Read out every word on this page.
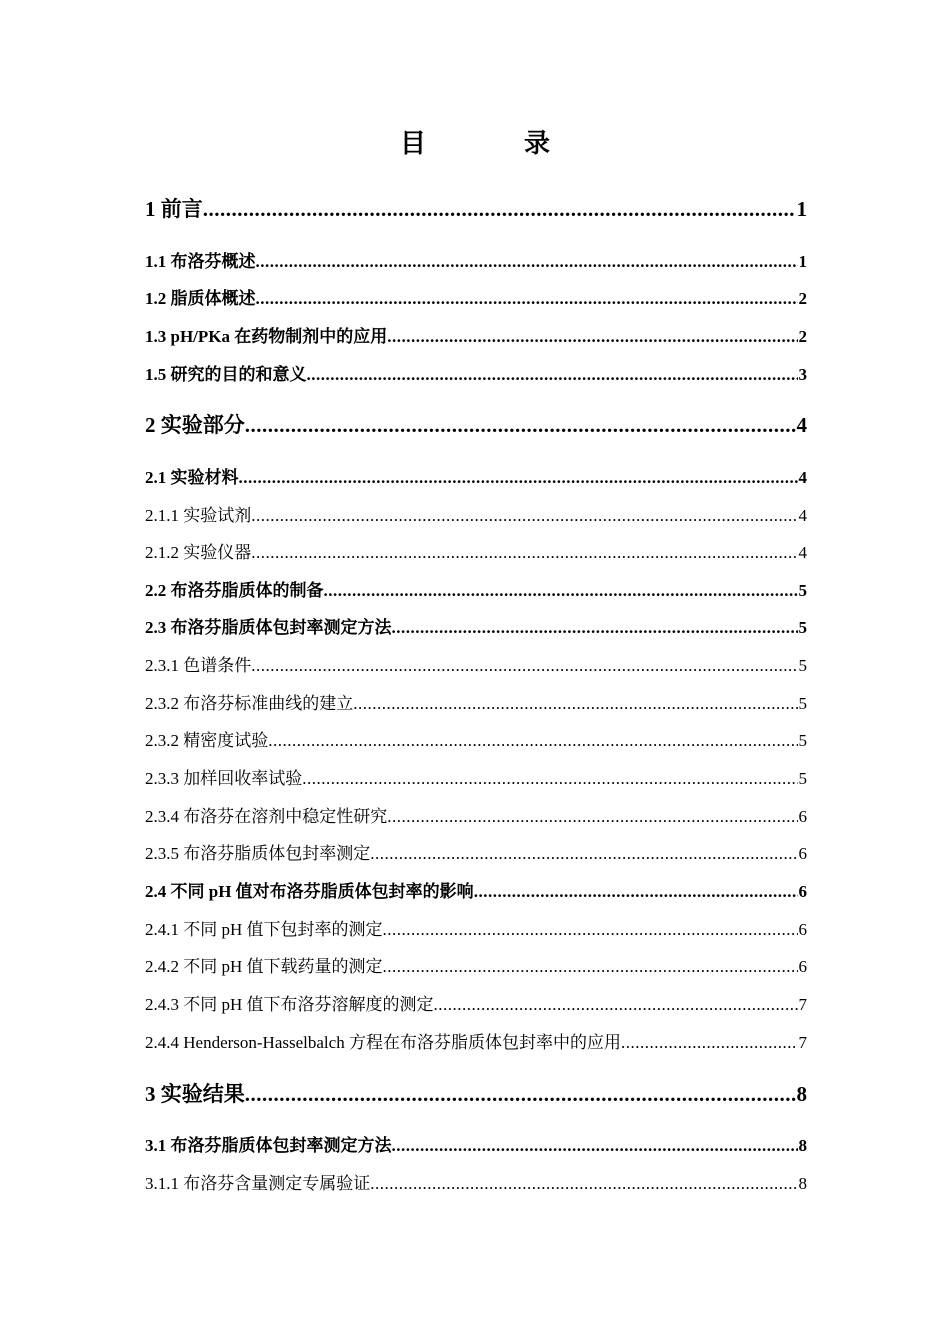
目　录
1 前言 .....	1
1.1 布洛芬概述 .....	1
1.2 脂质体概述 .....	2
1.3 pH/PKa 在药物制剂中的应用 .....	2
1.5 研究的目的和意义 .....	3
2 实验部分 .....	4
2.1 实验材料 .....	4
2.1.1 实验试剂 .....	4
2.1.2 实验仪器 .....	4
2.2 布洛芬脂质体的制备 .....	5
2.3 布洛芬脂质体包封率测定方法 .....	5
2.3.1 色谱条件 .....	5
2.3.2 布洛芬标准曲线的建立 .....	5
2.3.2 精密度试验 .....	5
2.3.3 加样回收率试验 .....	5
2.3.4 布洛芬在溶剂中稳定性研究 .....	6
2.3.5 布洛芬脂质体包封率测定 .....	6
2.4 不同 pH 值对布洛芬脂质体包封率的影响 .....	6
2.4.1 不同 pH 值下包封率的测定 .....	6
2.4.2 不同 pH 值下载药量的测定 .....	6
2.4.3 不同 pH 值下布洛芬溶解度的测定 .....	7
2.4.4 Henderson-Hasselbalch 方程在布洛芬脂质体包封率中的应用 .....	7
3 实验结果 .....	8
3.1 布洛芬脂质体包封率测定方法 .....	8
3.1.1 布洛芬含量测定专属验证 .....	8
